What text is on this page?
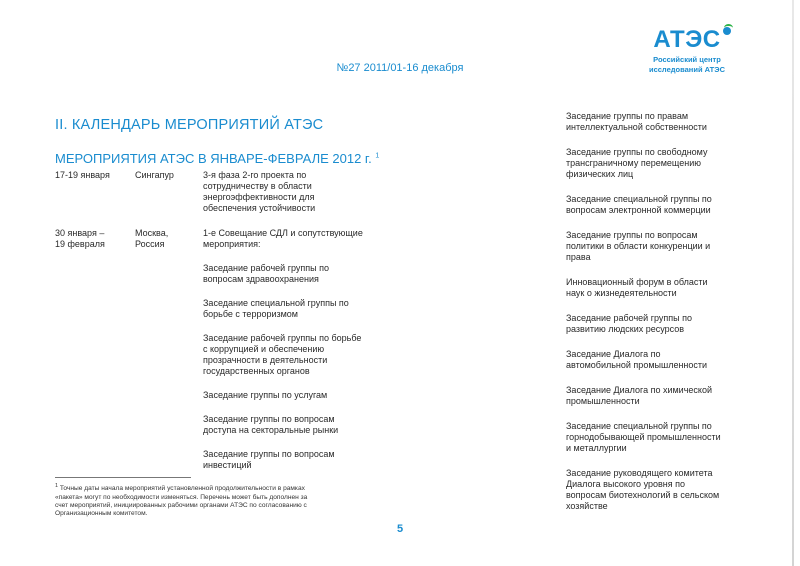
№27 2011/01-16 декабря
АТЭС
Российский центр
исследований АТЭС
II. КАЛЕНДАРЬ МЕРОПРИЯТИЙ АТЭС
МЕРОПРИЯТИЯ АТЭС В ЯНВАРЕ-ФЕВРАЛЕ 2012 г. $^1$
17-19 января	Сингапур	3-я фаза 2-го проекта по
сотрудничеству в области
энергоэффективности для
обеспечения устойчивости
30 января –
19 февраля
Москва,
Россия
1-е Совещание СДЛ и сопутствующие
мероприятия:
Заседание рабочей группы по
вопросам здравоохранения
Заседание специальной группы по
борьбе с терроризмом
Заседание рабочей группы по борьбе
с коррупцией и обеспечению
прозрачности в деятельности
государственных органов
Заседание группы по услугам
Заседание группы по вопросам
доступа на секторальные рынки
Заседание группы по вопросам
инвестиций
Заседание группы по правам
интеллектуальной собственности
Заседание группы по свободному
трансграничному перемещению
физических лиц
Заседание специальной группы по
вопросам электронной коммерции
Заседание группы по вопросам
политики в области конкуренции и
права
Инновационный форум в области
наук о жизнедеятельности
Заседание рабочей группы по
развитию людских ресурсов
Заседание Диалога по
автомобильной промышленности
Заседание Диалога по химической
промышленности
Заседание специальной группы по
горнодобывающей промышленности
и металлургии
Заседание руководящего комитета
Диалога высокого уровня по
вопросам биотехнологий в сельском
хозяйстве
$^1$ Точные даты начала мероприятий установленной продолжительности в рамках
«пакета» могут по необходимости изменяться. Перечень может быть дополнен за
счет мероприятий, инициированных рабочими органами АТЭС по согласованию с
Организационным комитетом.
5
